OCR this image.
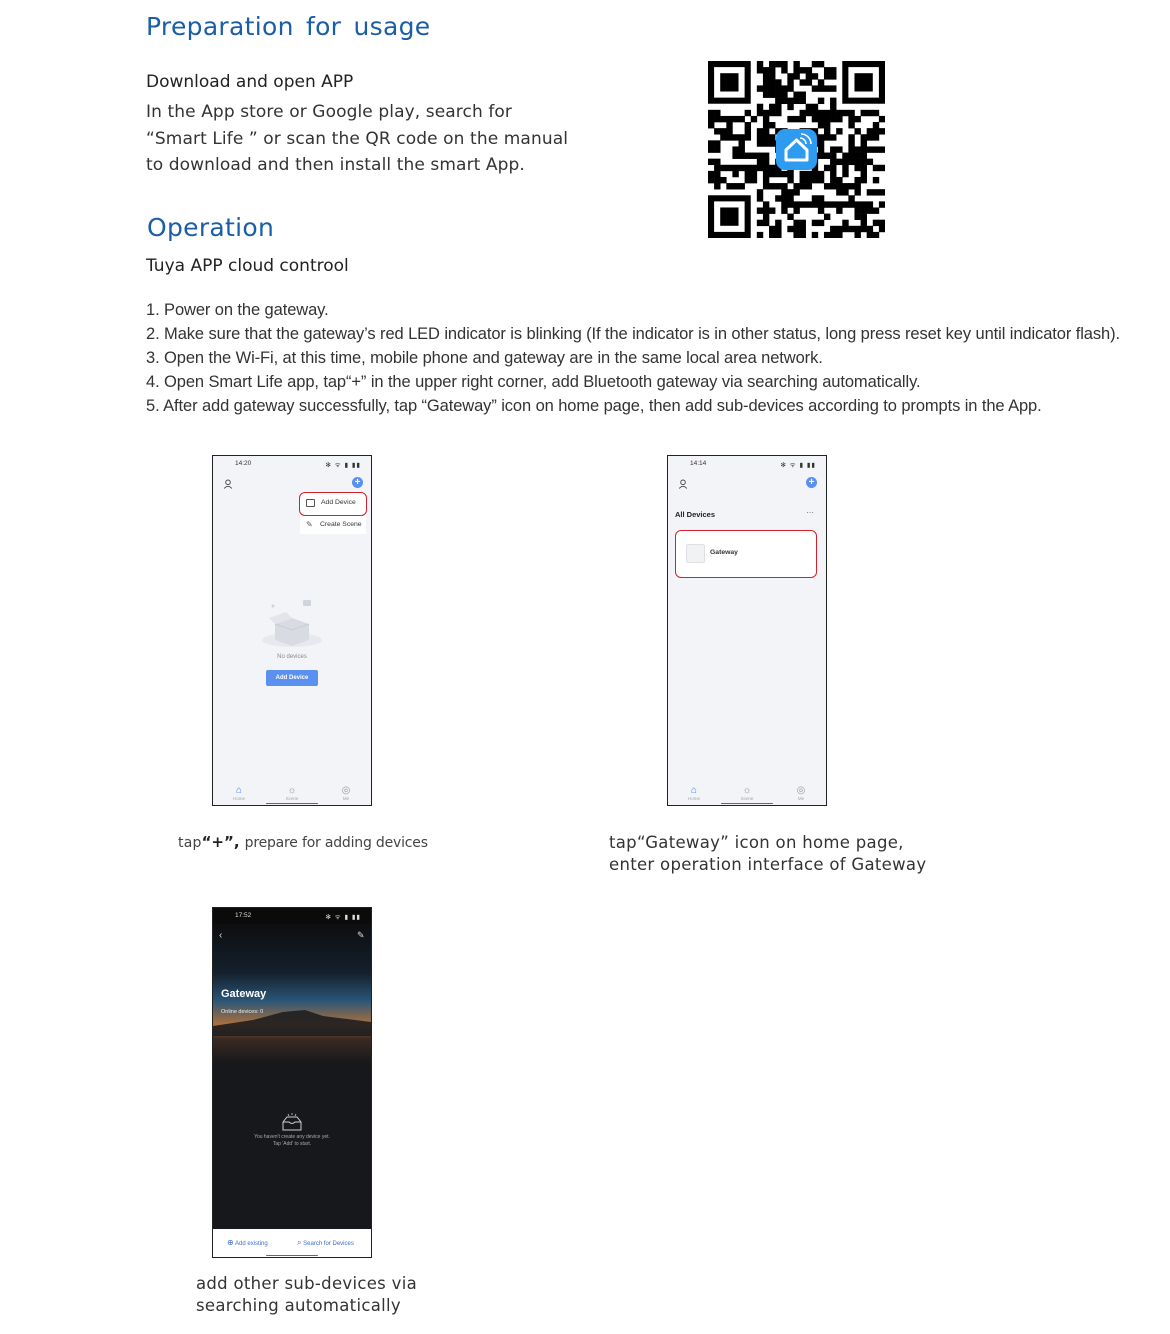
Preparation for usage
Download and open APP
In the App store or Google play, search for
“Smart Life ” or scan the QR code on the manual
to download and then install the smart App.
Operation
Tuya APP cloud controol
1. Power on the gateway.
2. Make sure that the gateway’s red LED indicator is blinking (If the indicator is in other status, long press reset key until indicator flash).
3. Open the Wi-Fi, at this time, mobile phone and gateway are in the same local area network.
4. Open Smart Life app, tap“+” in the upper right corner, add Bluetooth gateway via searching automatically.
5. After add gateway successfully, tap “Gateway” icon on home page, then add sub-devices according to prompts in the App.
14:20	✻ ᯤ ▮ ▮▮
+
Add Device
✎ Create Scene
No devices
Add Device
⌂
Home
☼
Scene
◎
Me
tap“+”, prepare for adding devices
14:14	✻ ᯤ ▮ ▮▮
+
All Devices	···
Gateway
⌂
Home
☼
Scene
◎
Me
tap“Gateway” icon on home page,
enter operation interface of Gateway
17:52	✻ ᯤ ▮ ▮▮
‹	✎
Gateway
Online devices: 0
You haven't create any device yet.
Tap 'Add' to start.
⊕ Add existing	⌕ Search for Devices
add other sub-devices via
searching automatically
